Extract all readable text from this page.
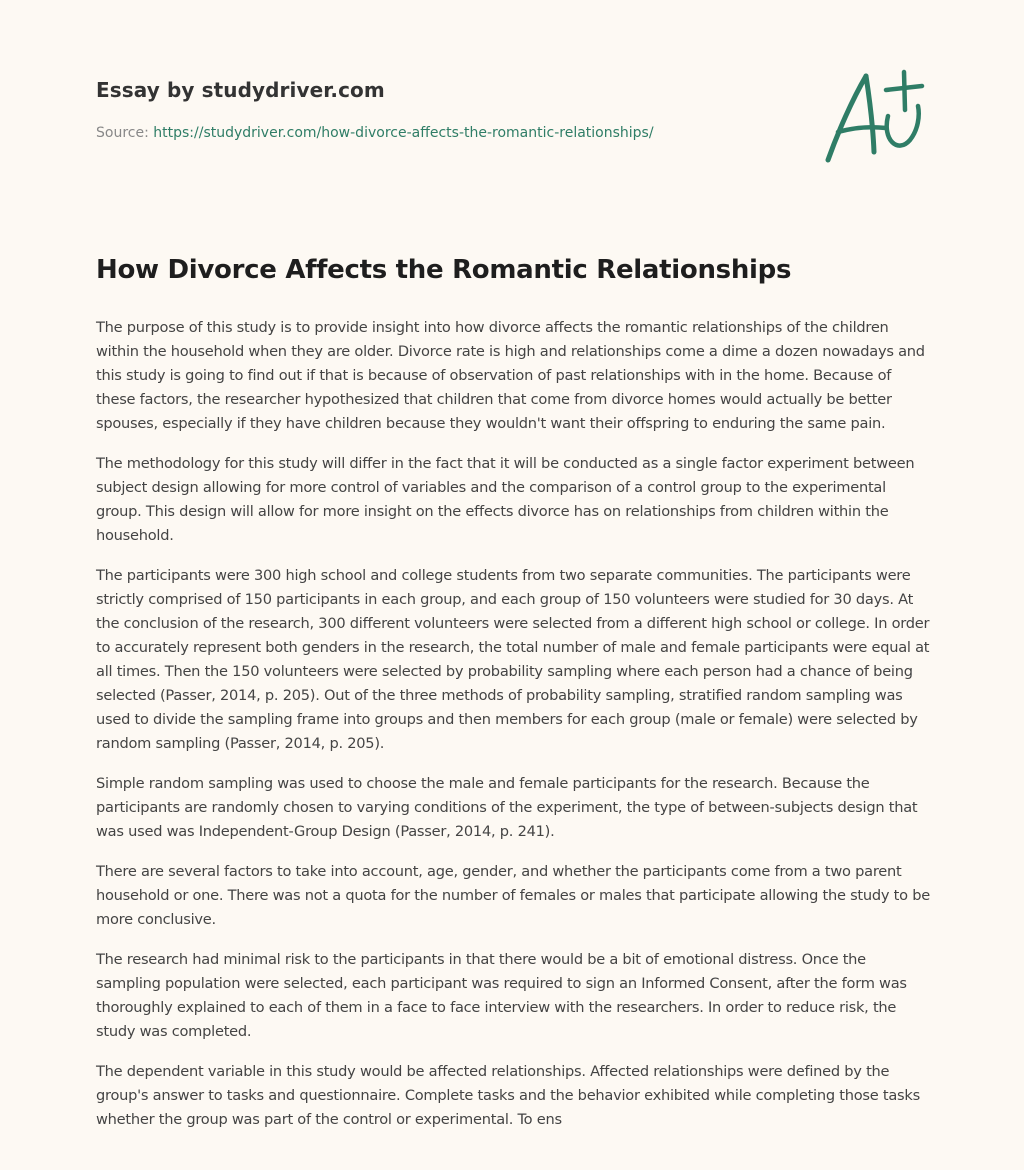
Essay by studydriver.com

Source: https://studydriver.com/how-divorce-affects-the-romantic-relationships/

How Divorce Affects the Romantic Relationships

The purpose of this study is to provide insight into how divorce affects the romantic relationships of the children within the household when they are older. Divorce rate is high and relationships come a dime a dozen nowadays and this study is going to find out if that is because of observation of past relationships with in the home. Because of these factors, the researcher hypothesized that children that come from divorce homes would actually be better spouses, especially if they have children because they wouldn't want their offspring to enduring the same pain.

The methodology for this study will differ in the fact that it will be conducted as a single factor experiment between subject design allowing for more control of variables and the comparison of a control group to the experimental group. This design will allow for more insight on the effects divorce has on relationships from children within the household.

The participants were 300 high school and college students from two separate communities. The participants were strictly comprised of 150 participants in each group, and each group of 150 volunteers were studied for 30 days. At the conclusion of the research, 300 different volunteers were selected from a different high school or college. In order to accurately represent both genders in the research, the total number of male and female participants were equal at all times. Then the 150 volunteers were selected by probability sampling where each person had a chance of being selected (Passer, 2014, p. 205). Out of the three methods of probability sampling, stratified random sampling was used to divide the sampling frame into groups and then members for each group (male or female) were selected by random sampling (Passer, 2014, p. 205).

Simple random sampling was used to choose the male and female participants for the research. Because the participants are randomly chosen to varying conditions of the experiment, the type of between-subjects design that was used was Independent-Group Design (Passer, 2014, p. 241).

There are several factors to take into account, age, gender, and whether the participants come from a two parent household or one. There was not a quota for the number of females or males that participate allowing the study to be more conclusive.

The research had minimal risk to the participants in that there would be a bit of emotional distress. Once the sampling population were selected, each participant was required to sign an Informed Consent, after the form was thoroughly explained to each of them in a face to face interview with the researchers. In order to reduce risk, the study was completed.

The dependent variable in this study would be affected relationships. Affected relationships were defined by the group's answer to tasks and questionnaire. Complete tasks and the behavior exhibited while completing those tasks whether the group was part of the control or experimental. To ens
